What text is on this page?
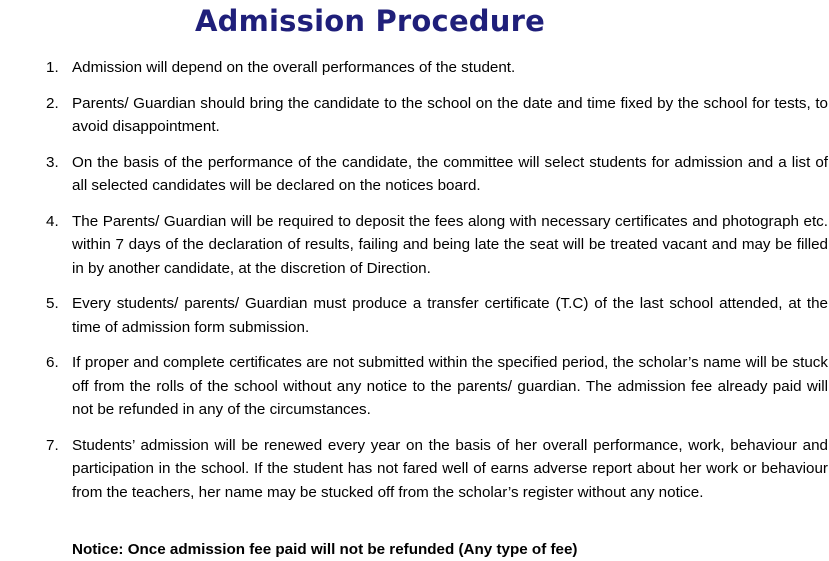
Admission Procedure
1. Admission will depend on the overall performances of the student.
2. Parents/ Guardian should bring the candidate to the school on the date and time fixed by the school for tests, to avoid disappointment.
3. On the basis of the performance of the candidate, the committee will select students for admission and a list of all selected candidates will be declared on the notices board.
4. The Parents/ Guardian will be required to deposit the fees along with necessary certificates and photograph etc. within 7 days of the declaration of results, failing and being late the seat will be treated vacant and may be filled in by another candidate, at the discretion of Direction.
5. Every students/ parents/ Guardian must produce a transfer certificate (T.C) of the last school attended, at the time of admission form submission.
6. If proper and complete certificates are not submitted within the specified period, the scholar’s name will be stuck off from the rolls of the school without any notice to the parents/ guardian. The admission fee already paid will not be refunded in any of the circumstances.
7. Students’ admission will be renewed every year on the basis of her overall performance, work, behaviour and participation in the school. If the student has not fared well of earns adverse report about her work or behaviour from the teachers, her name may be stucked off from the scholar’s register without any notice.

Notice: Once admission fee paid will not be refunded (Any type of fee)
